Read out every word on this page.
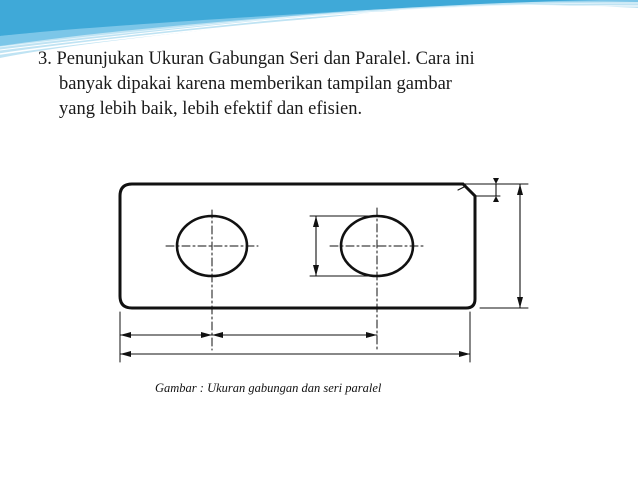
3. Penunjukan Ukuran Gabungan Seri dan Paralel. Cara ini
banyak dipakai karena memberikan tampilan gambar
yang lebih baik, lebih efektif dan efisien.
Gambar : Ukuran gabungan dan seri paralel
